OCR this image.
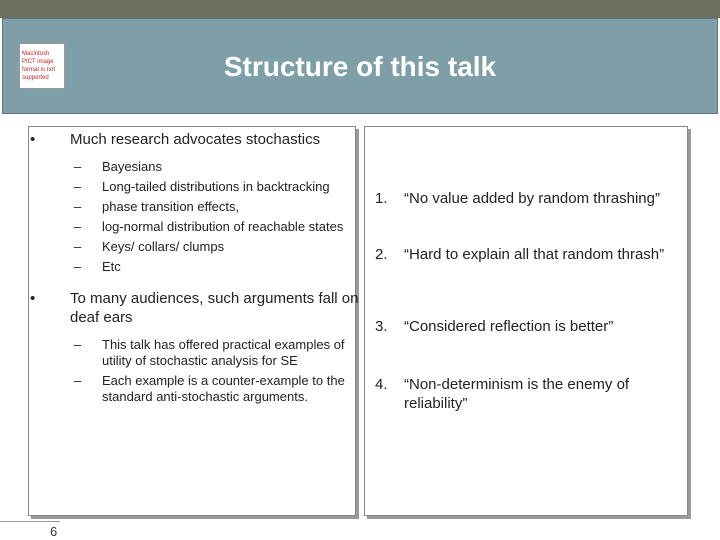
Macintosh PICT image format is not supported	Structure of this talk
• Much research advocates stochastics
– Bayesians
– Long-tailed distributions in backtracking
– phase transition effects,
– log-normal distribution of reachable states
– Keys/ collars/ clumps
– Etc
• To many audiences, such arguments fall on deaf ears
– This talk has offered practical examples of utility of stochastic analysis for SE
– Each example is a counter-example to the standard anti-stochastic arguments.
1.	“No value added by random thrashing”
2.	“Hard to explain all that random thrash”
3.	“Considered reflection is better”
4.	“Non-determinism is the enemy of reliability”
6
